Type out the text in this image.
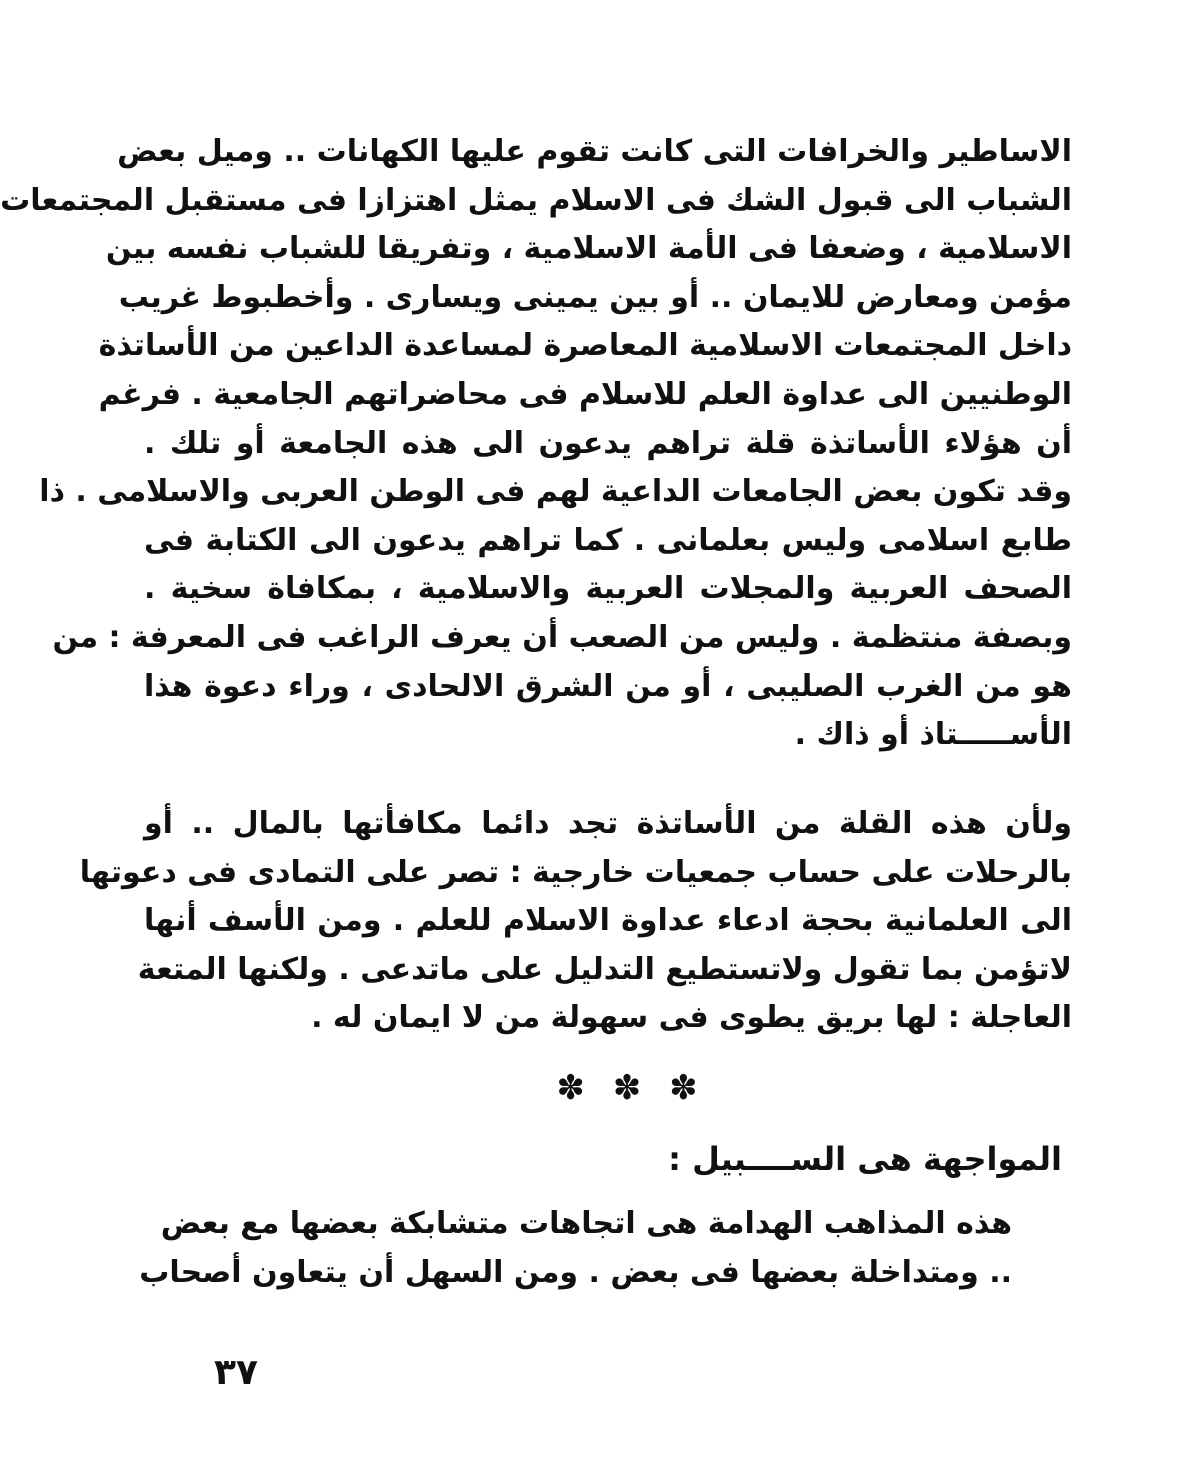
الاساطير والخرافات التى كانت تقوم عليها الكهانات .. وميل بعض
الشباب الى قبول الشك فى الاسلام يمثل اهتزازا فى مستقبل المجتمعات
الاسلامية ، وضعفا فى الأمة الاسلامية ، وتفريقا للشباب نفسه بين
مؤمن ومعارض للايمان .. أو بين يمينى ويسارى . وأخطبوط غريب
داخل المجتمعات الاسلامية المعاصرة لمساعدة الداعين من الأساتذة
الوطنيين الى عداوة العلم للاسلام فى محاضراتهم الجامعية . فرغم
أن هؤلاء الأساتذة قلة تراهم يدعون الى هذه الجامعة أو تلك .
وقد تكون بعض الجامعات الداعية لهم فى الوطن العربى والاسلامى . ذا
طابع اسلامى وليس بعلمانى . كما تراهم يدعون الى الكتابة فى
الصحف العربية والمجلات العربية والاسلامية ، بمكافاة سخية .
وبصفة منتظمة . وليس من الصعب أن يعرف الراغب فى المعرفة : من
هو من الغرب الصليبى ، أو من الشرق الالحادى ، وراء دعوة هذا
الأســـــتاذ أو ذاك .
ولأن هذه القلة من الأساتذة تجد دائما مكافأتها بالمال .. أو
بالرحلات على حساب جمعيات خارجية : تصر على التمادى فى دعوتها
الى العلمانية بحجة ادعاء عداوة الاسلام للعلم . ومن الأسف أنها
لاتؤمن بما تقول ولاتستطيع التدليل على ماتدعى . ولكنها المتعة
العاجلة : لها بريق يطوى فى سهولة من لا ايمان له .
✽ ✽ ✽
المواجهة هى الســــبيل :
هذه المذاهب الهدامة هى اتجاهات متشابكة بعضها مع بعض
.. ومتداخلة بعضها فى بعض . ومن السهل أن يتعاون أصحاب
٣٧
